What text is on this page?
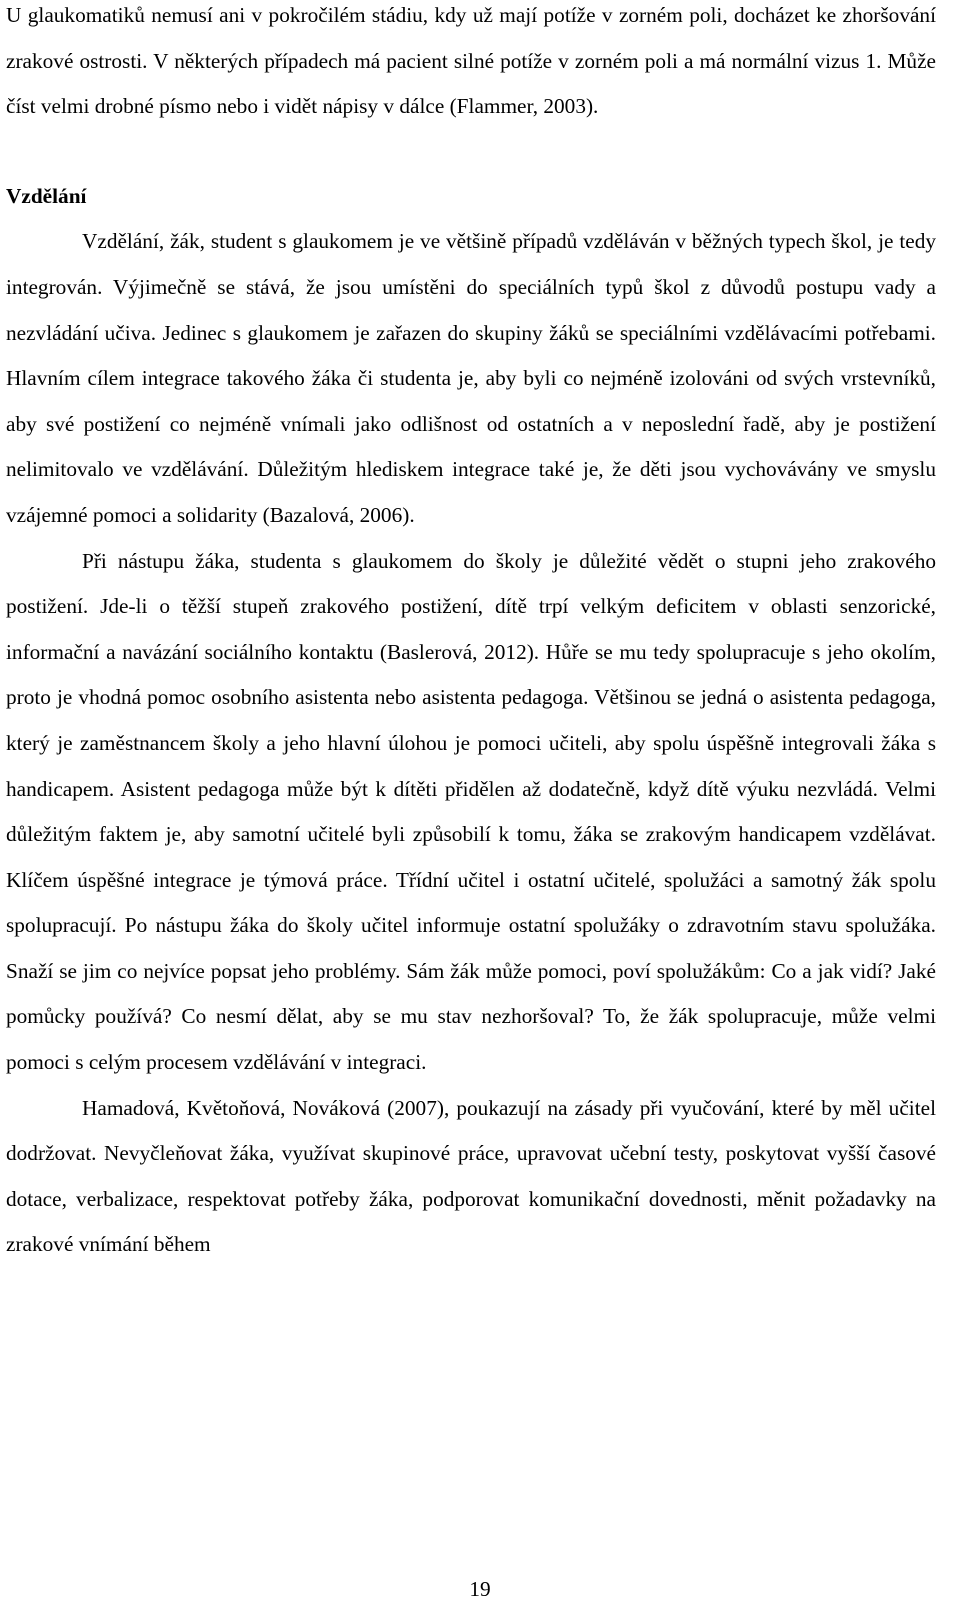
U glaukomatiků nemusí ani v pokročilém stádiu, kdy už mají potíže v zorném poli, docházet ke zhoršování zrakové ostrosti. V některých případech má pacient silné potíže v zorném poli a má normální vizus 1. Může číst velmi drobné písmo nebo i vidět nápisy v dálce (Flammer, 2003).

Vzdělání

Vzdělání, žák, student s glaukomem je ve většině případů vzděláván v běžných typech škol, je tedy integrován. Výjimečně se stává, že jsou umístěni do speciálních typů škol z důvodů postupu vady a nezvládání učiva. Jedinec s glaukomem je zařazen do skupiny žáků se speciálními vzdělávacími potřebami. Hlavním cílem integrace takového žáka či studenta je, aby byli co nejméně izolováni od svých vrstevníků, aby své postižení co nejméně vnímali jako odlišnost od ostatních a v neposlední řadě, aby je postižení nelimitovalo ve vzdělávání. Důležitým hlediskem integrace také je, že děti jsou vychovávány ve smyslu vzájemné pomoci a solidarity (Bazalová, 2006).

Při nástupu žáka, studenta s glaukomem do školy je důležité vědět o stupni jeho zrakového postižení. Jde-li o těžší stupeň zrakového postižení, dítě trpí velkým deficitem v oblasti senzorické, informační a navázání sociálního kontaktu (Baslerová, 2012). Hůře se mu tedy spolupracuje s jeho okolím, proto je vhodná pomoc osobního asistenta nebo asistenta pedagoga. Většinou se jedná o asistenta pedagoga, který je zaměstnancem školy a jeho hlavní úlohou je pomoci učiteli, aby spolu úspěšně integrovali žáka s handicapem. Asistent pedagoga může být k dítěti přidělen až dodatečně, když dítě výuku nezvládá. Velmi důležitým faktem je, aby samotní učitelé byli způsobilí k tomu, žáka se zrakovým handicapem vzdělávat. Klíčem úspěšné integrace je týmová práce. Třídní učitel i ostatní učitelé, spolužáci a samotný žák spolu spolupracují. Po nástupu žáka do školy učitel informuje ostatní spolužáky o zdravotním stavu spolužáka. Snaží se jim co nejvíce popsat jeho problémy. Sám žák může pomoci, poví spolužákům: Co a jak vidí? Jaké pomůcky používá? Co nesmí dělat, aby se mu stav nezhoršoval? To, že žák spolupracuje, může velmi pomoci s celým procesem vzdělávání v integraci.

Hamadová, Květoňová, Nováková (2007), poukazují na zásady při vyučování, které by měl učitel dodržovat. Nevyčleňovat žáka, využívat skupinové práce, upravovat učební testy, poskytovat vyšší časové dotace, verbalizace, respektovat potřeby žáka, podporovat komunikační dovednosti, měnit požadavky na zrakové vnímání během

19
